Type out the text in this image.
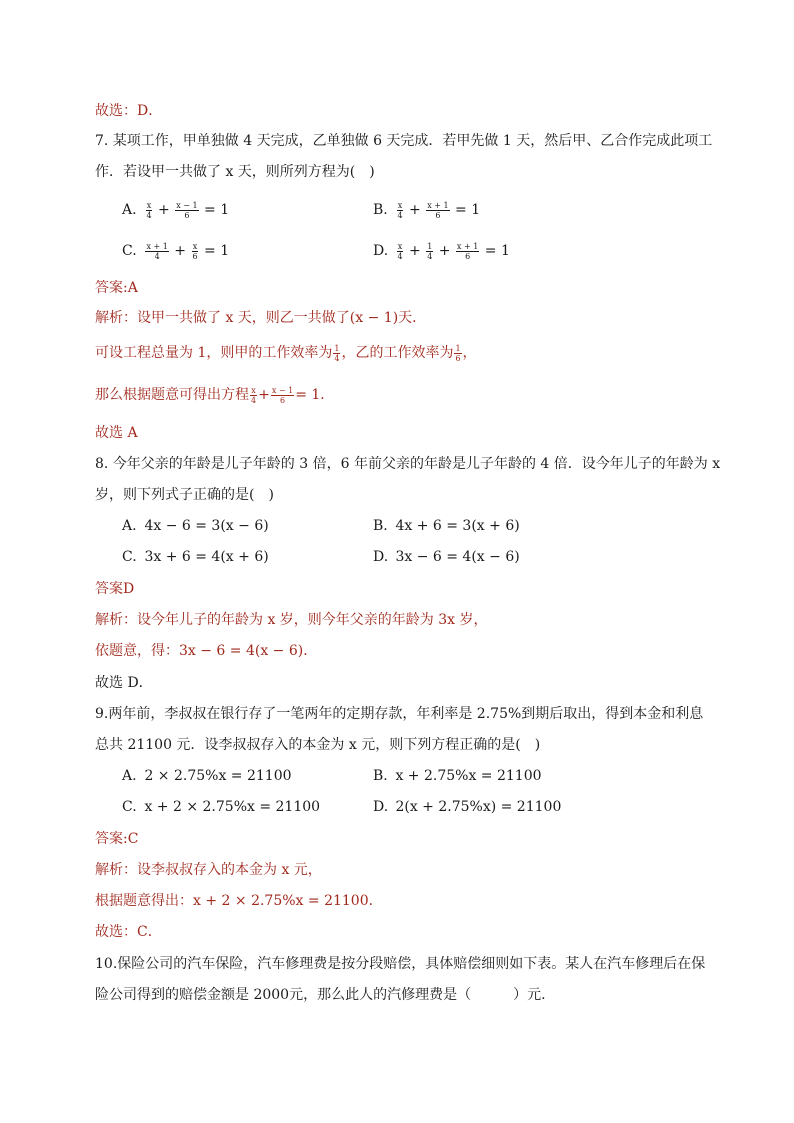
故选：D．
7. 某项工作，甲单独做 4 天完成，乙单独做 6 天完成．若甲先做 1 天，然后甲、乙合作完成此项工
作．若设甲一共做了 x 天，则所列方程为(　)
A. $\frac{x}{4} + \frac{x - 1}{6} = 1$	B. $\frac{x}{4} + \frac{x + 1}{6} = 1$
C. $\frac{x + 1}{4} + \frac{x}{6} = 1$	D. $\frac{x}{4} + \frac{1}{4} + \frac{x + 1}{6} = 1$
答案:A
解析：设甲一共做了 x 天，则乙一共做了(x − 1)天．
可设工程总量为 1，则甲的工作效率为 $\frac{1}{4}$ ，乙的工作效率为 $\frac{1}{6}$ ，
那么根据题意可得出方程 $\frac{x}{4} + \frac{x - 1}{6} = 1$．
故选 A
8. 今年父亲的年龄是儿子年龄的 3 倍，6 年前父亲的年龄是儿子年龄的 4 倍．设今年儿子的年龄为 x
岁，则下列式子正确的是(　)
A. 4x − 6 = 3(x − 6)	B. 4x + 6 = 3(x + 6)
C. 3x + 6 = 4(x + 6)	D. 3x − 6 = 4(x − 6)
答案D
解析：设今年儿子的年龄为 x 岁，则今年父亲的年龄为 3x 岁，
依题意，得：3x − 6 = 4(x − 6)．
故选 D．
9.两年前，李叔叔在银行存了一笔两年的定期存款，年利率是 2.75%到期后取出，得到本金和利息
总共 21100 元．设李叔叔存入的本金为 x 元，则下列方程正确的是(　)
A. 2 × 2.75%x = 21100	B. x + 2.75%x = 21100
C. x + 2 × 2.75%x = 21100	D. 2(x + 2.75%x) = 21100
答案:C
解析：设李叔叔存入的本金为 x 元，
根据题意得出：x + 2 × 2.75%x = 21100．
故选：C．
10.保险公司的汽车保险，汽车修理费是按分段赔偿，具体赔偿细则如下表。某人在汽车修理后在保
险公司得到的赔偿金额是 2000元，那么此人的汽修理费是（　　　）元.
